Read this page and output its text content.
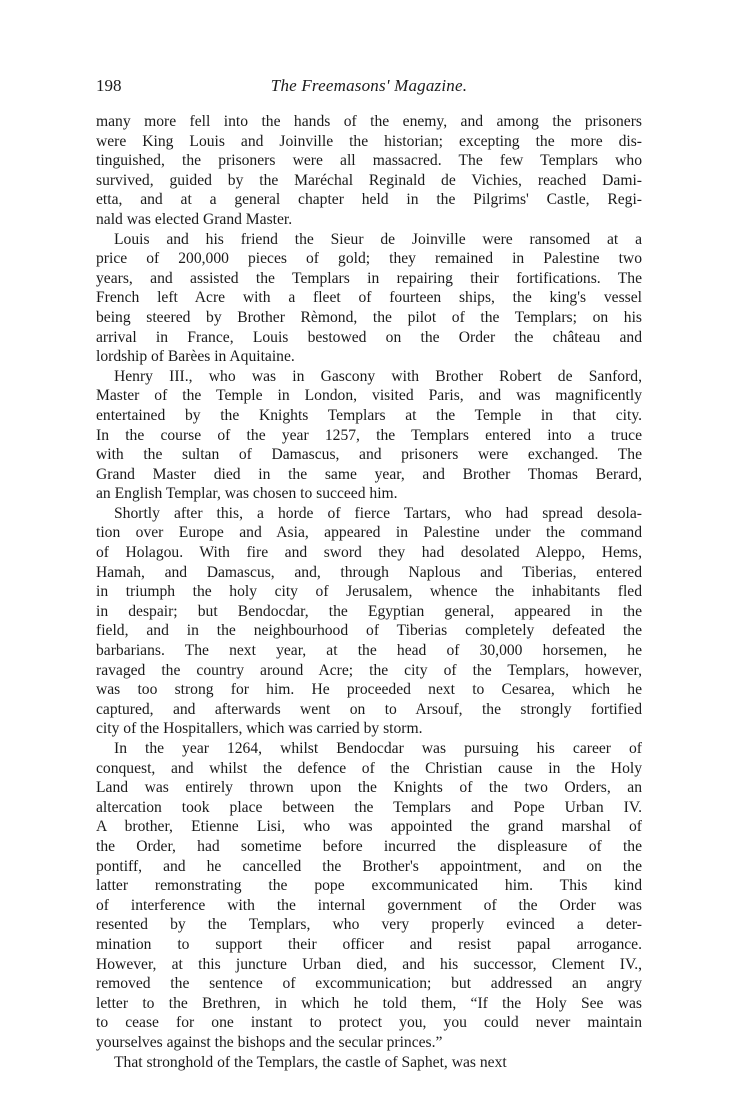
198	The Freemasons' Magazine.
many more fell into the hands of the enemy, and among the prisoners
were King Louis and Joinville the historian; excepting the more dis-
tinguished, the prisoners were all massacred. The few Templars who
survived, guided by the Maréchal Reginald de Vichies, reached Dami-
etta, and at a general chapter held in the Pilgrims' Castle, Regi-
nald was elected Grand Master.
Louis and his friend the Sieur de Joinville were ransomed at a
price of 200,000 pieces of gold; they remained in Palestine two
years, and assisted the Templars in repairing their fortifications. The
French left Acre with a fleet of fourteen ships, the king's vessel
being steered by Brother Rèmond, the pilot of the Templars; on his
arrival in France, Louis bestowed on the Order the château and
lordship of Barèes in Aquitaine.
Henry III., who was in Gascony with Brother Robert de Sanford,
Master of the Temple in London, visited Paris, and was magnificently
entertained by the Knights Templars at the Temple in that city.
In the course of the year 1257, the Templars entered into a truce
with the sultan of Damascus, and prisoners were exchanged. The
Grand Master died in the same year, and Brother Thomas Berard,
an English Templar, was chosen to succeed him.
Shortly after this, a horde of fierce Tartars, who had spread desola-
tion over Europe and Asia, appeared in Palestine under the command
of Holagou. With fire and sword they had desolated Aleppo, Hems,
Hamah, and Damascus, and, through Naplous and Tiberias, entered
in triumph the holy city of Jerusalem, whence the inhabitants fled
in despair; but Bendocdar, the Egyptian general, appeared in the
field, and in the neighbourhood of Tiberias completely defeated the
barbarians. The next year, at the head of 30,000 horsemen, he
ravaged the country around Acre; the city of the Templars, however,
was too strong for him. He proceeded next to Cesarea, which he
captured, and afterwards went on to Arsouf, the strongly fortified
city of the Hospitallers, which was carried by storm.
In the year 1264, whilst Bendocdar was pursuing his career of
conquest, and whilst the defence of the Christian cause in the Holy
Land was entirely thrown upon the Knights of the two Orders, an
altercation took place between the Templars and Pope Urban IV.
A brother, Etienne Lisi, who was appointed the grand marshal of
the Order, had sometime before incurred the displeasure of the
pontiff, and he cancelled the Brother's appointment, and on the
latter remonstrating the pope excommunicated him. This kind
of interference with the internal government of the Order was
resented by the Templars, who very properly evinced a deter-
mination to support their officer and resist papal arrogance.
However, at this juncture Urban died, and his successor, Clement IV.,
removed the sentence of excommunication; but addressed an angry
letter to the Brethren, in which he told them, “If the Holy See was
to cease for one instant to protect you, you could never maintain
yourselves against the bishops and the secular princes.”
That stronghold of the Templars, the castle of Saphet, was next
